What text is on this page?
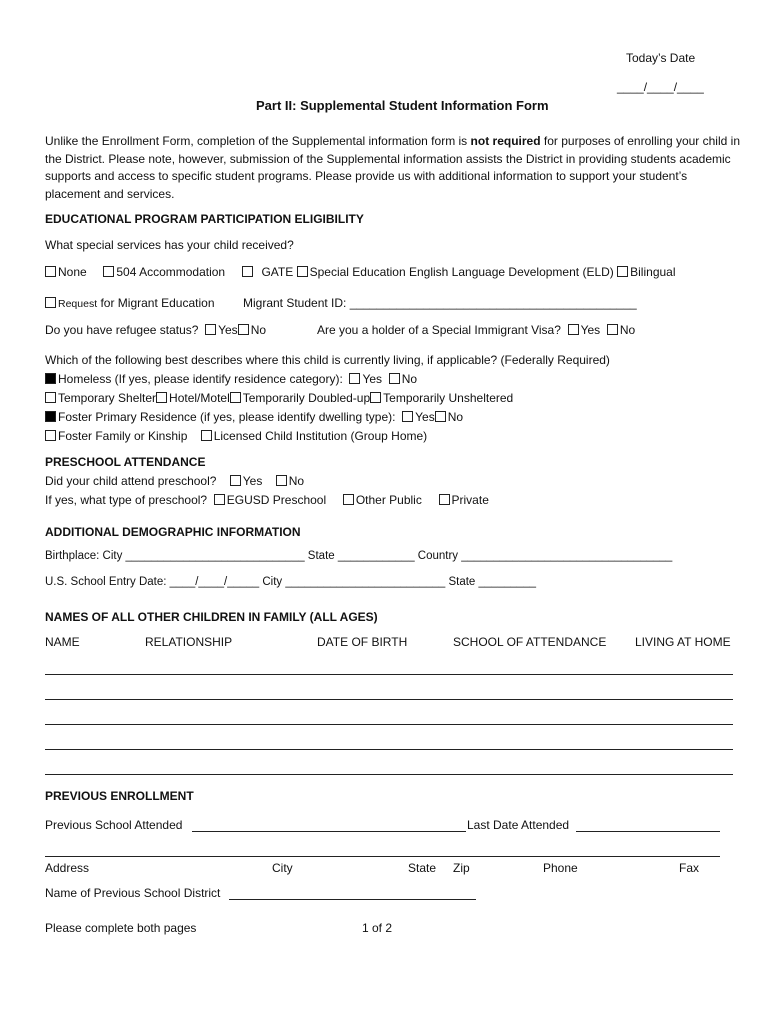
Today’s Date
____/____/____
Part II: Supplemental Student Information Form
Unlike the Enrollment Form, completion of the Supplemental information form is not required for purposes of enrolling your child in the District. Please note, however, submission of the Supplemental information assists the District in providing students academic supports and access to specific student programs. Please provide us with additional information to support your student’s placement and services.
EDUCATIONAL PROGRAM PARTICIPATION ELIGIBILITY
What special services has your child received?
None 504 Accommodation	GATE Special Education English Language Development (ELD) Bilingual
Request for Migrant Education Migrant Student ID: ___________________________________________
Do you have refugee status? Yes No	Are you a holder of a Special Immigrant Visa? Yes No
Which of the following best describes where this child is currently living, if applicable? (Federally Required)
Homeless (If yes, please identify residence category): Yes No
Temporary Shelter Hotel/Motel Temporarily Doubled-up Temporarily Unsheltered
Foster Primary Residence (if yes, please identify dwelling type): Yes No
Foster Family or Kinship Licensed Child Institution (Group Home)
PRESCHOOL ATTENDANCE
Did your child attend preschool? Yes No
If yes, what type of preschool? EGUSD Preschool Other Public Private
ADDITIONAL DEMOGRAPHIC INFORMATION
Birthplace: City ____________________________ State ____________ Country _________________________________
U.S. School Entry Date: ____/____/_____ City _________________________ State _________
NAMES OF ALL OTHER CHILDREN IN FAMILY (ALL AGES)
NAME	RELATIONSHIP	DATE OF BIRTH	SCHOOL OF ATTENDANCE LIVING AT HOME
PREVIOUS ENROLLMENT
Previous School Attended	Last Date Attended
Address	City	State Zip	Phone	Fax
Name of Previous School District
Please complete both pages	1 of 2
